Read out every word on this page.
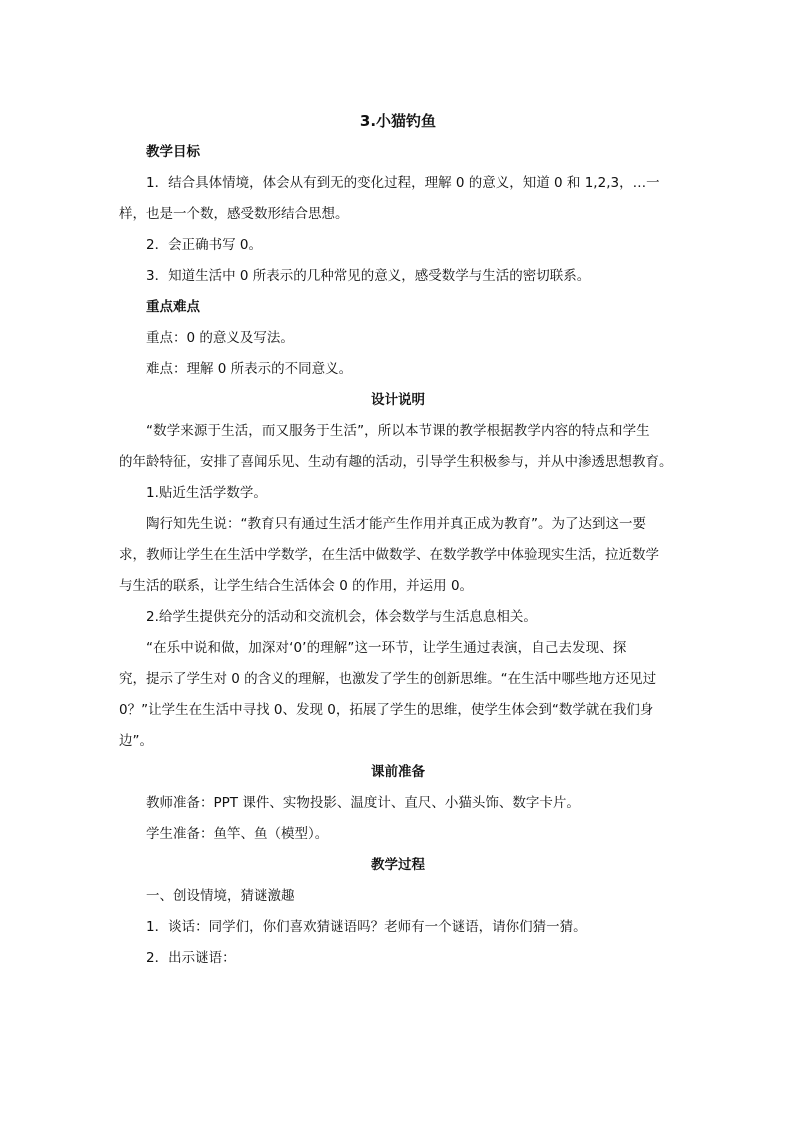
3.小猫钓鱼
教学目标
1．结合具体情境，体会从有到无的变化过程，理解 0 的意义，知道 0 和 1,2,3，…一
样，也是一个数，感受数形结合思想。
2．会正确书写 0。
3．知道生活中 0 所表示的几种常见的意义，感受数学与生活的密切联系。
重点难点
重点：0 的意义及写法。
难点：理解 0 所表示的不同意义。
设计说明
“数学来源于生活，而又服务于生活”，所以本节课的教学根据教学内容的特点和学生
的年龄特征，安排了喜闻乐见、生动有趣的活动，引导学生积极参与，并从中渗透思想教育。
1.贴近生活学数学。
陶行知先生说：“教育只有通过生活才能产生作用并真正成为教育”。为了达到这一要
求，教师让学生在生活中学数学，在生活中做数学、在数学教学中体验现实生活，拉近数学
与生活的联系，让学生结合生活体会 0 的作用，并运用 0。
2.给学生提供充分的活动和交流机会，体会数学与生活息息相关。
“在乐中说和做，加深对‘0’的理解”这一环节，让学生通过表演，自己去发现、探
究，提示了学生对 0 的含义的理解，也激发了学生的创新思维。“在生活中哪些地方还见过
0？”让学生在生活中寻找 0、发现 0，拓展了学生的思维，使学生体会到“数学就在我们身
边”。
课前准备
教师准备：PPT 课件、实物投影、温度计、直尺、小猫头饰、数字卡片。
学生准备：鱼竿、鱼（模型）。
教学过程
一、创设情境，猜谜激趣
1．谈话：同学们，你们喜欢猜谜语吗？老师有一个谜语，请你们猜一猜。
2．出示谜语：
